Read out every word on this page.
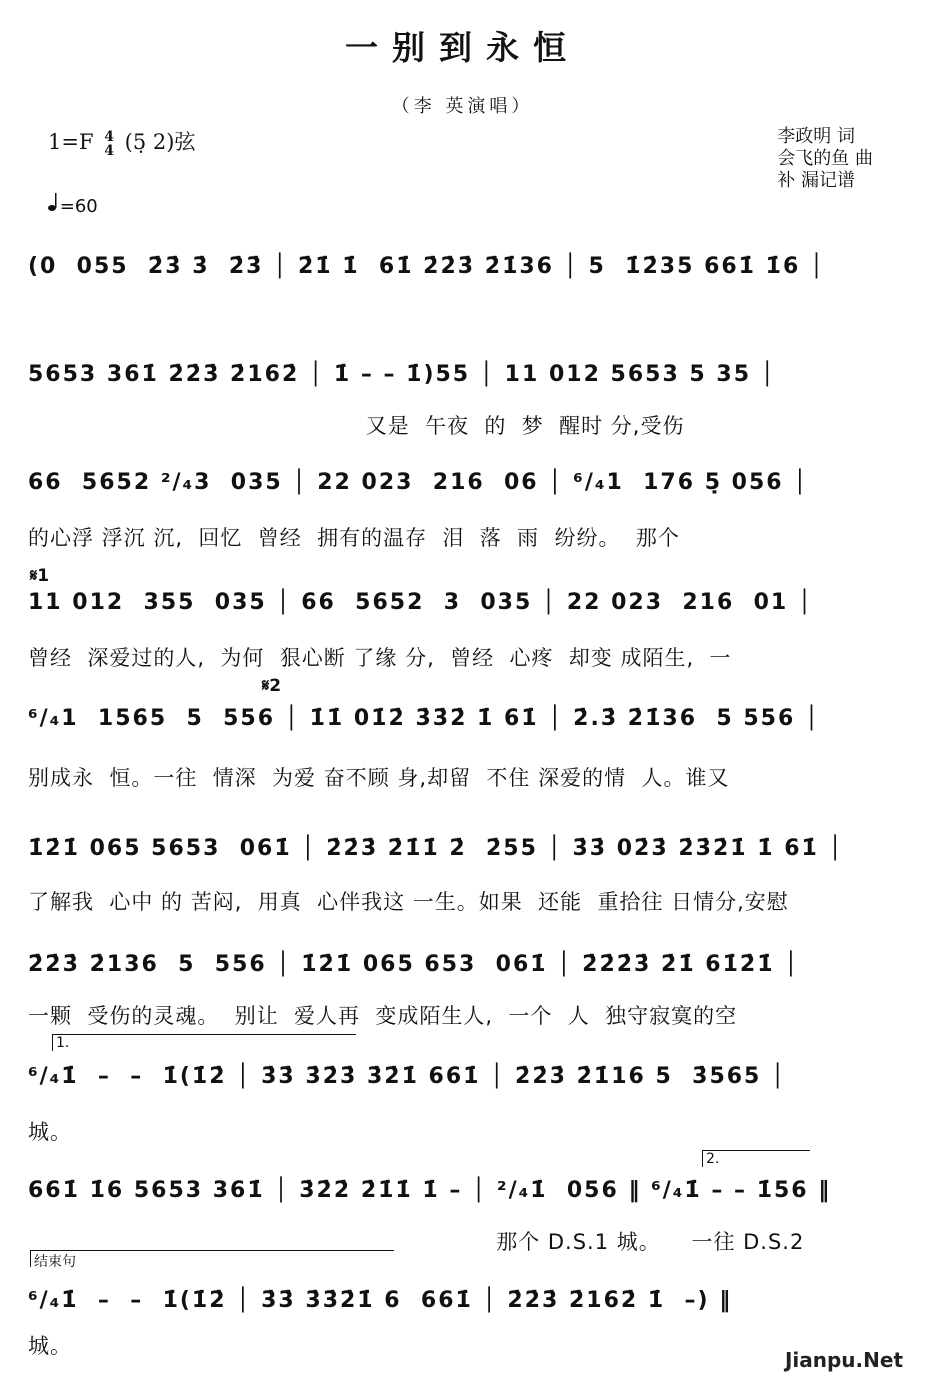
一别到永恒
（李 英演唱）
1=F 4
4 (5̣ 2)弦
=60
李政明 词
会飞的鱼 曲
补 漏记谱
(0  055  2̇3̇ 3̇  2̇3̇ │ 2̇1̇ 1̇  61̇ 2̇2̇3̇ 2̇1̇36 │ 5  1̇2̇35 661̇ 1̇6 │
5653 361̇ 2̇2̇3̇ 2̇162̇ │ 1̇ – – 1̇)55 │ 11 012 5653 5 35 │
又是  午夜  的  梦  醒时 分,受伤
66  5652 ²/₄3  035 │ 22 023  216  06 │ ⁶/₄1  176 5̣ 056 │
的心浮 浮沉 沉,  回忆  曾经  拥有的温存  泪  落  雨  纷纷。  那个
𝄋1
11 012  355  035 │ 66  5652  3  035 │ 22 023  216  01 │
曾经  深爱过的人,  为何  狠心断 了缘 分,  曾经  心疼  却变 成陌生,  一
𝄋2
⁶/₄1  1565  5  556 │ 1̇1̇ 01̇2̇ 3̇3̇2̇ 1̇ 61̇ │ 2̇.3̇ 2̇1̇36  5 556 │
别成永  恒。一往  情深  为爱 奋不顾 身,却留  不住 深爱的情  人。谁又
1̇2̇1̇ 065 5653  061̇ │ 2̇2̇3̇ 2̇1̇1̇ 2̇  2̇55 │ 3̇3̇ 02̇3̇ 2̇3̇2̇1̇ 1̇ 61̇ │
了解我  心中 的 苦闷,  用真  心伴我这 一生。如果  还能  重拾往 日情分,安慰
2̇2̇3̇ 2̇136  5  556 │ 1̇2̇1̇ 065 653  061̇ │ 2̇2̇2̇3̇ 2̇1̇ 61̇2̇1̇ │
一颗  受伤的灵魂。  别让  爱人再  变成陌生人,  一个  人  独守寂寞的空
1.
⁶/₄1̇  –  –  1̇(1̇2̇ │ 3̇3̇ 3̇2̇3̇ 3̇2̇1̇ 661̇ │ 2̇2̇3̇ 2̇1̇16 5  3̇565 │
城。
2.
661̇ 1̇6 5653 361̇ │ 3̇2̇2̇ 2̇1̇1̇ 1̇ – │ ²/₄1̇  056 ‖ ⁶/₄1̇ – – 1̇56 ‖
那个 D.S.1 城。    一往 D.S.2
结束句
⁶/₄1̇  –  –  1̇(1̇2̇ │ 3̇3̇ 3̇3̇2̇1̇ 6  661̇ │ 2̇2̇3̇ 2̇162̇ 1̇  –) ‖
城。
Jianpu.Net
